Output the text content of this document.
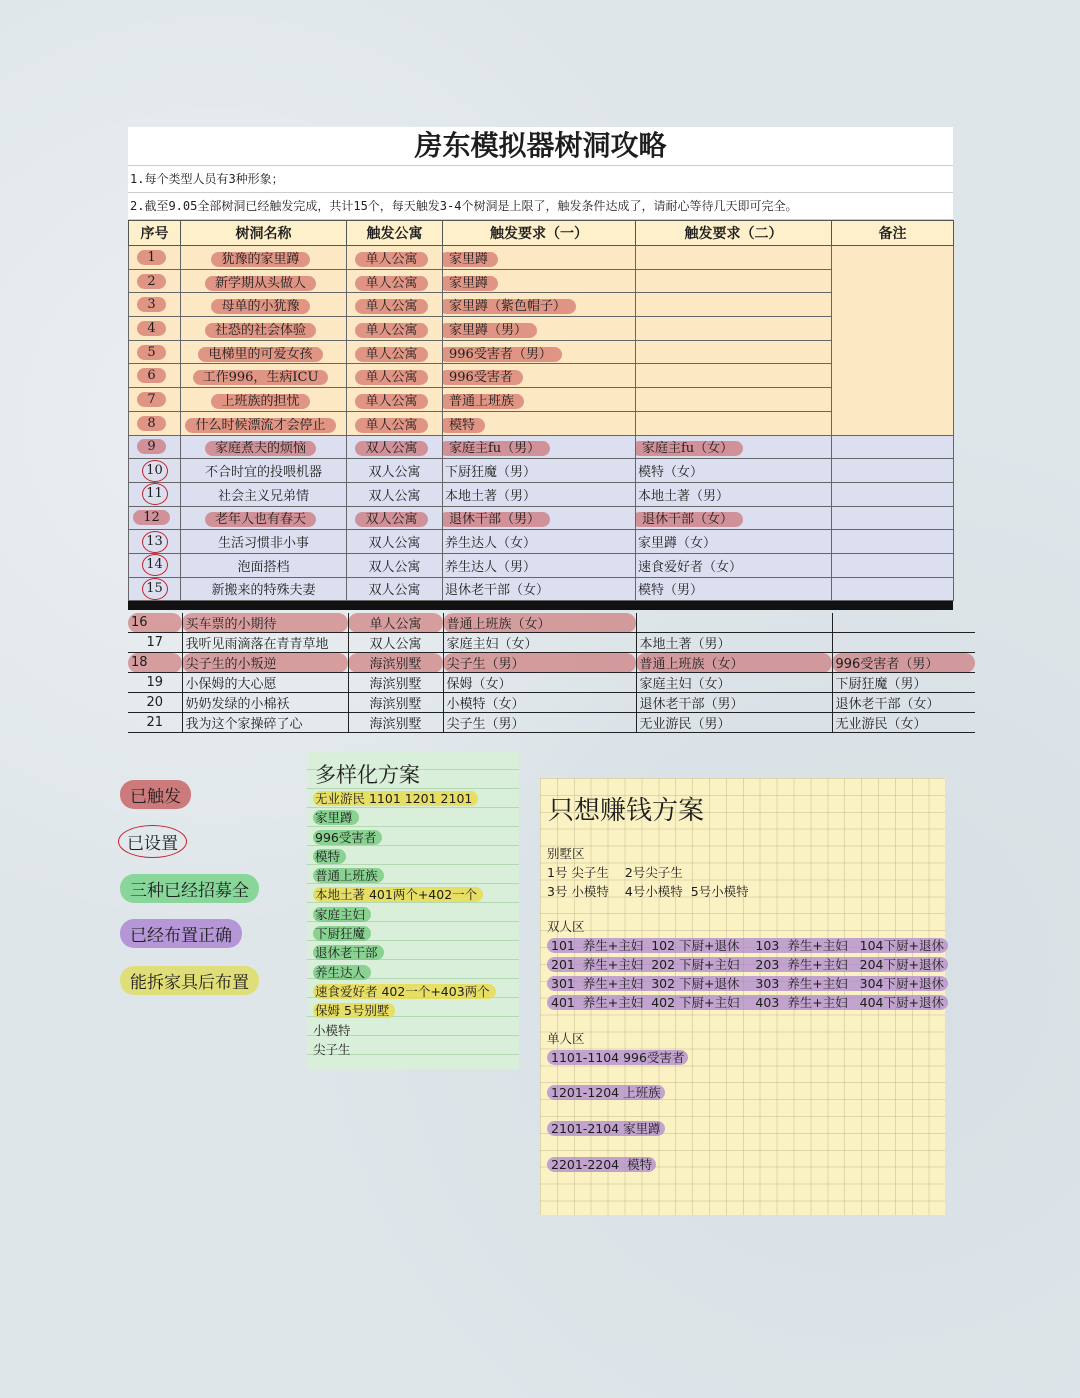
房东模拟器树洞攻略
1.每个类型人员有3种形象；
2.截至9.05全部树洞已经触发完成，共计15个，每天触发3-4个树洞是上限了，触发条件达成了，请耐心等待几天即可完全。
序号	树洞名称	触发公寓	触发要求（一）	触发要求（二）	备注
1	犹豫的家里蹲	单人公寓	家里蹲		
2	新学期从头做人	单人公寓	家里蹲		
3	母单的小犹豫	单人公寓	家里蹲（紫色帽子）		
4	社恐的社会体验	单人公寓	家里蹲（男）		
5	电梯里的可爱女孩	单人公寓	996受害者（男）		
6	工作996，生病ICU	单人公寓	996受害者		
7	上班族的担忧	单人公寓	普通上班族		
8	什么时候漂流才会停止	单人公寓	模特		
9	家庭煮夫的烦恼	双人公寓	家庭主fu（男）	家庭主fu（女）	
10	不合时宜的投喂机器	双人公寓	下厨狂魔（男）	模特（女）	
11	社会主义兄弟情	双人公寓	本地土著（男）	本地土著（男）	
12	老年人也有春天	双人公寓	退休干部（男）	退休干部（女）	
13	生活习惯非小事	双人公寓	养生达人（女）	家里蹲（女）	
14	泡面搭档	双人公寓	养生达人（男）	速食爱好者（女）	
15	新搬来的特殊夫妻	双人公寓	退休老干部（女）	模特（男）	
16	买车票的小期待	单人公寓	普通上班族（女）		
17	我听见雨滴落在青青草地	双人公寓	家庭主妇（女）	本地土著（男）	
18	尖子生的小叛逆	海滨别墅	尖子生（男）	普通上班族（女）	996受害者（男）
19	小保姆的大心愿	海滨别墅	保姆（女）	家庭主妇（女）	下厨狂魔（男）
20	奶奶发绿的小棉袄	海滨别墅	小模特（女）	退休老干部（男）	退休老干部（女）
21	我为这个家操碎了心	海滨别墅	尖子生（男）	无业游民（男）	无业游民（女）
已触发
已设置
三种已经招募全
已经布置正确
能拆家具后布置
多样化方案
无业游民 1101 1201 2101
家里蹲
996受害者
模特
普通上班族
本地土著 401两个+402一个
家庭主妇
下厨狂魔
退休老干部
养生达人
速食爱好者 402一个+403两个
保姆 5号别墅
小模特
尖子生
只想赚钱方案
别墅区
1号 尖子生    2号尖子生
3号 小模特    4号小模特  5号小模特
双人区
101  养生+主妇  102 下厨+退休    103  养生+主妇   104下厨+退休
201  养生+主妇  202 下厨+主妇    203  养生+主妇   204下厨+退休
301  养生+主妇  302 下厨+退休    303  养生+主妇   304下厨+退休
401  养生+主妇  402 下厨+主妇    403  养生+主妇   404下厨+退休
单人区
1101-1104 996受害者
1201-1204 上班族
2101-2104 家里蹲
2201-2204  模特
